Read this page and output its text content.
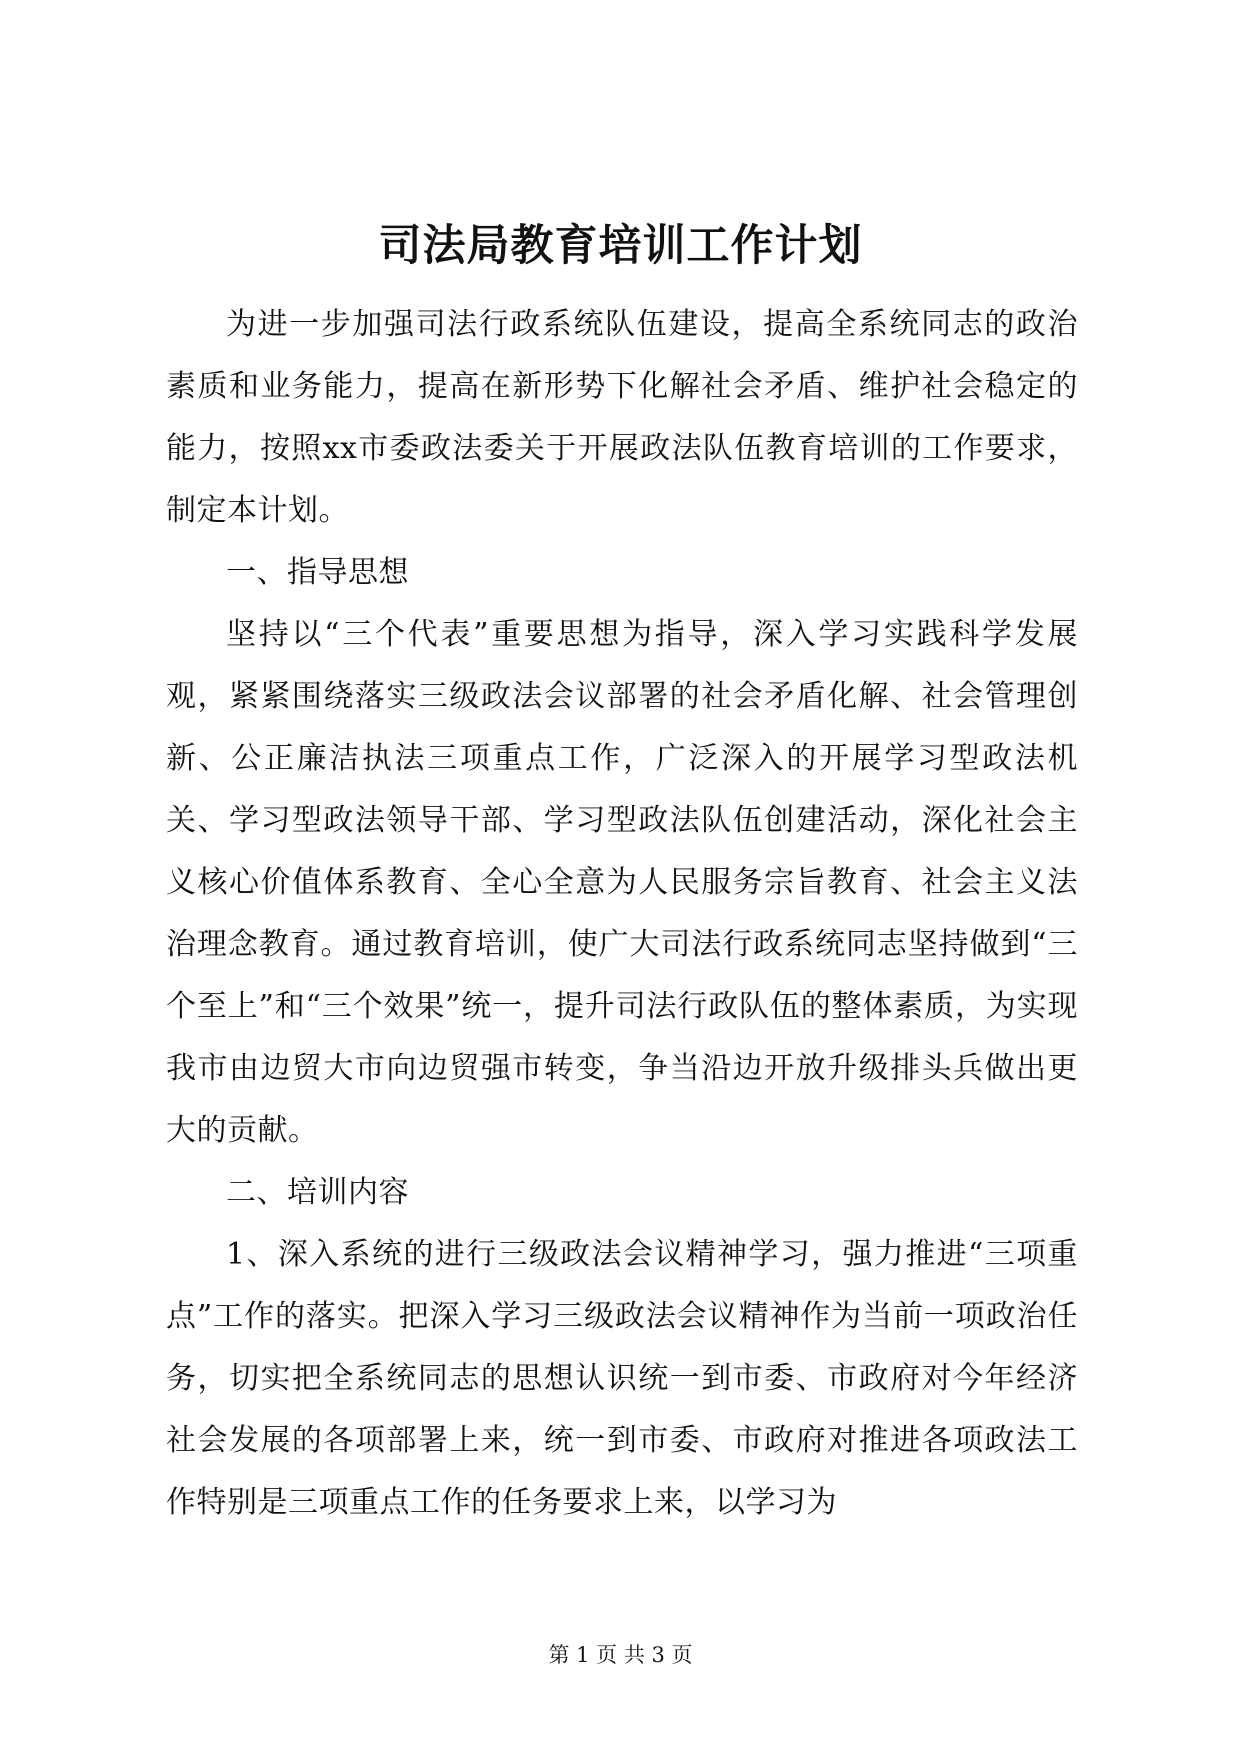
司法局教育培训工作计划

为进一步加强司法行政系统队伍建设，提高全系统同志的政治素质和业务能力，提高在新形势下化解社会矛盾、维护社会稳定的能力，按照xx市委政法委关于开展政法队伍教育培训的工作要求，制定本计划。

一、指导思想

坚持以“三个代表”重要思想为指导，深入学习实践科学发展观，紧紧围绕落实三级政法会议部署的社会矛盾化解、社会管理创新、公正廉洁执法三项重点工作，广泛深入的开展学习型政法机关、学习型政法领导干部、学习型政法队伍创建活动，深化社会主义核心价值体系教育、全心全意为人民服务宗旨教育、社会主义法治理念教育。通过教育培训，使广大司法行政系统同志坚持做到“三个至上”和“三个效果”统一，提升司法行政队伍的整体素质，为实现我市由边贸大市向边贸强市转变，争当沿边开放升级排头兵做出更大的贡献。

二、培训内容

1、深入系统的进行三级政法会议精神学习，强力推进“三项重点”工作的落实。把深入学习三级政法会议精神作为当前一项政治任务，切实把全系统同志的思想认识统一到市委、市政府对今年经济社会发展的各项部署上来，统一到市委、市政府对推进各项政法工作特别是三项重点工作的任务要求上来，以学习为

第 1 页 共 3 页
